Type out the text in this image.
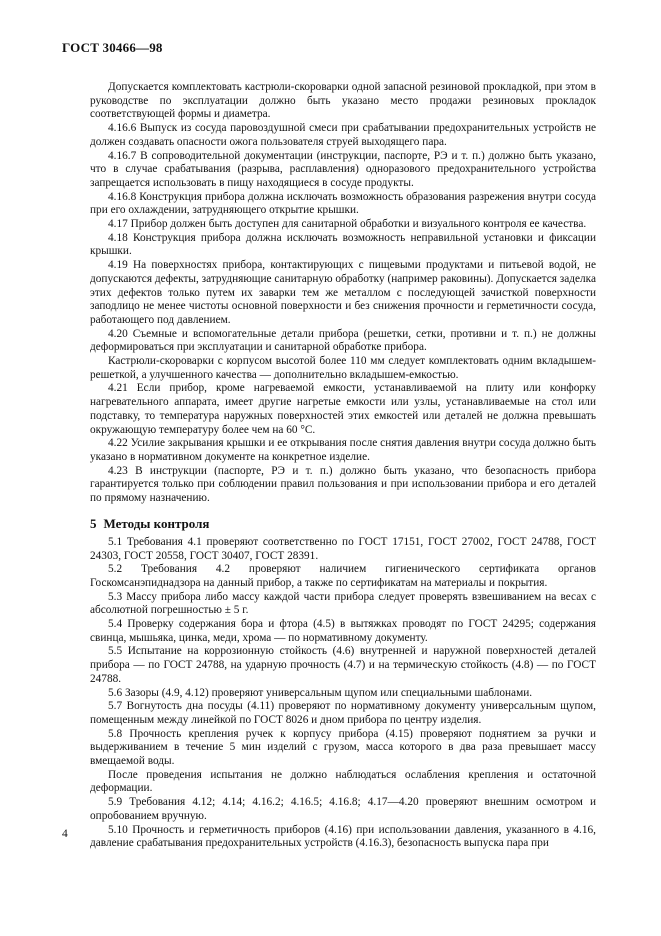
ГОСТ 30466—98

Допускается комплектовать кастрюли-скороварки одной запасной резиновой прокладкой, при этом в руководстве по эксплуатации должно быть указано место продажи резиновых прокладок соответствующей формы и диаметра.

4.16.6 Выпуск из сосуда паровоздушной смеси при срабатывании предохранительных устройств не должен создавать опасности ожога пользователя струей выходящего пара.

4.16.7 В сопроводительной документации (инструкции, паспорте, РЭ и т. п.) должно быть указано, что в случае срабатывания (разрыва, расплавления) одноразового предохранительного устройства запрещается использовать в пищу находящиеся в сосуде продукты.

4.16.8 Конструкция прибора должна исключать возможность образования разрежения внутри сосуда при его охлаждении, затрудняющего открытие крышки.

4.17 Прибор должен быть доступен для санитарной обработки и визуального контроля ее качества.

4.18 Конструкция прибора должна исключать возможность неправильной установки и фиксации крышки.

4.19 На поверхностях прибора, контактирующих с пищевыми продуктами и питьевой водой, не допускаются дефекты, затрудняющие санитарную обработку (например раковины). Допускается заделка этих дефектов только путем их заварки тем же металлом с последующей зачисткой поверхности заподлицо не менее чистоты основной поверхности и без снижения прочности и герметичности сосуда, работающего под давлением.

4.20 Съемные и вспомогательные детали прибора (решетки, сетки, противни и т. п.) не должны деформироваться при эксплуатации и санитарной обработке прибора.

Кастрюли-скороварки с корпусом высотой более 110 мм следует комплектовать одним вкладышем-решеткой, а улучшенного качества — дополнительно вкладышем-емкостью.

4.21 Если прибор, кроме нагреваемой емкости, устанавливаемой на плиту или конфорку нагревательного аппарата, имеет другие нагретые емкости или узлы, устанавливаемые на стол или подставку, то температура наружных поверхностей этих емкостей или деталей не должна превышать окружающую температуру более чем на 60 °С.

4.22 Усилие закрывания крышки и ее открывания после снятия давления внутри сосуда должно быть указано в нормативном документе на конкретное изделие.

4.23 В инструкции (паспорте, РЭ и т. п.) должно быть указано, что безопасность прибора гарантируется только при соблюдении правил пользования и при использовании прибора и его деталей по прямому назначению.

5 Методы контроля

5.1 Требования 4.1 проверяют соответственно по ГОСТ 17151, ГОСТ 27002, ГОСТ 24788, ГОСТ 24303, ГОСТ 20558, ГОСТ 30407, ГОСТ 28391.

5.2 Требования 4.2 проверяют наличием гигиенического сертификата органов Госкомсанэпиднадзора на данный прибор, а также по сертификатам на материалы и покрытия.

5.3 Массу прибора либо массу каждой части прибора следует проверять взвешиванием на весах с абсолютной погрешностью ± 5 г.

5.4 Проверку содержания бора и фтора (4.5) в вытяжках проводят по ГОСТ 24295; содержания свинца, мышьяка, цинка, меди, хрома — по нормативному документу.

5.5 Испытание на коррозионную стойкость (4.6) внутренней и наружной поверхностей деталей прибора — по ГОСТ 24788, на ударную прочность (4.7) и на термическую стойкость (4.8) — по ГОСТ 24788.

5.6 Зазоры (4.9, 4.12) проверяют универсальным щупом или специальными шаблонами.

5.7 Вогнутость дна посуды (4.11) проверяют по нормативному документу универсальным щупом, помещенным между линейкой по ГОСТ 8026 и дном прибора по центру изделия.

5.8 Прочность крепления ручек к корпусу прибора (4.15) проверяют поднятием за ручки и выдерживанием в течение 5 мин изделий с грузом, масса которого в два раза превышает массу вмещаемой воды.

После проведения испытания не должно наблюдаться ослабления крепления и остаточной деформации.

5.9 Требования 4.12; 4.14; 4.16.2; 4.16.5; 4.16.8; 4.17—4.20 проверяют внешним осмотром и опробованием вручную.

5.10 Прочность и герметичность приборов (4.16) при использовании давления, указанного в 4.16, давление срабатывания предохранительных устройств (4.16.3), безопасность выпуска пара при

4
